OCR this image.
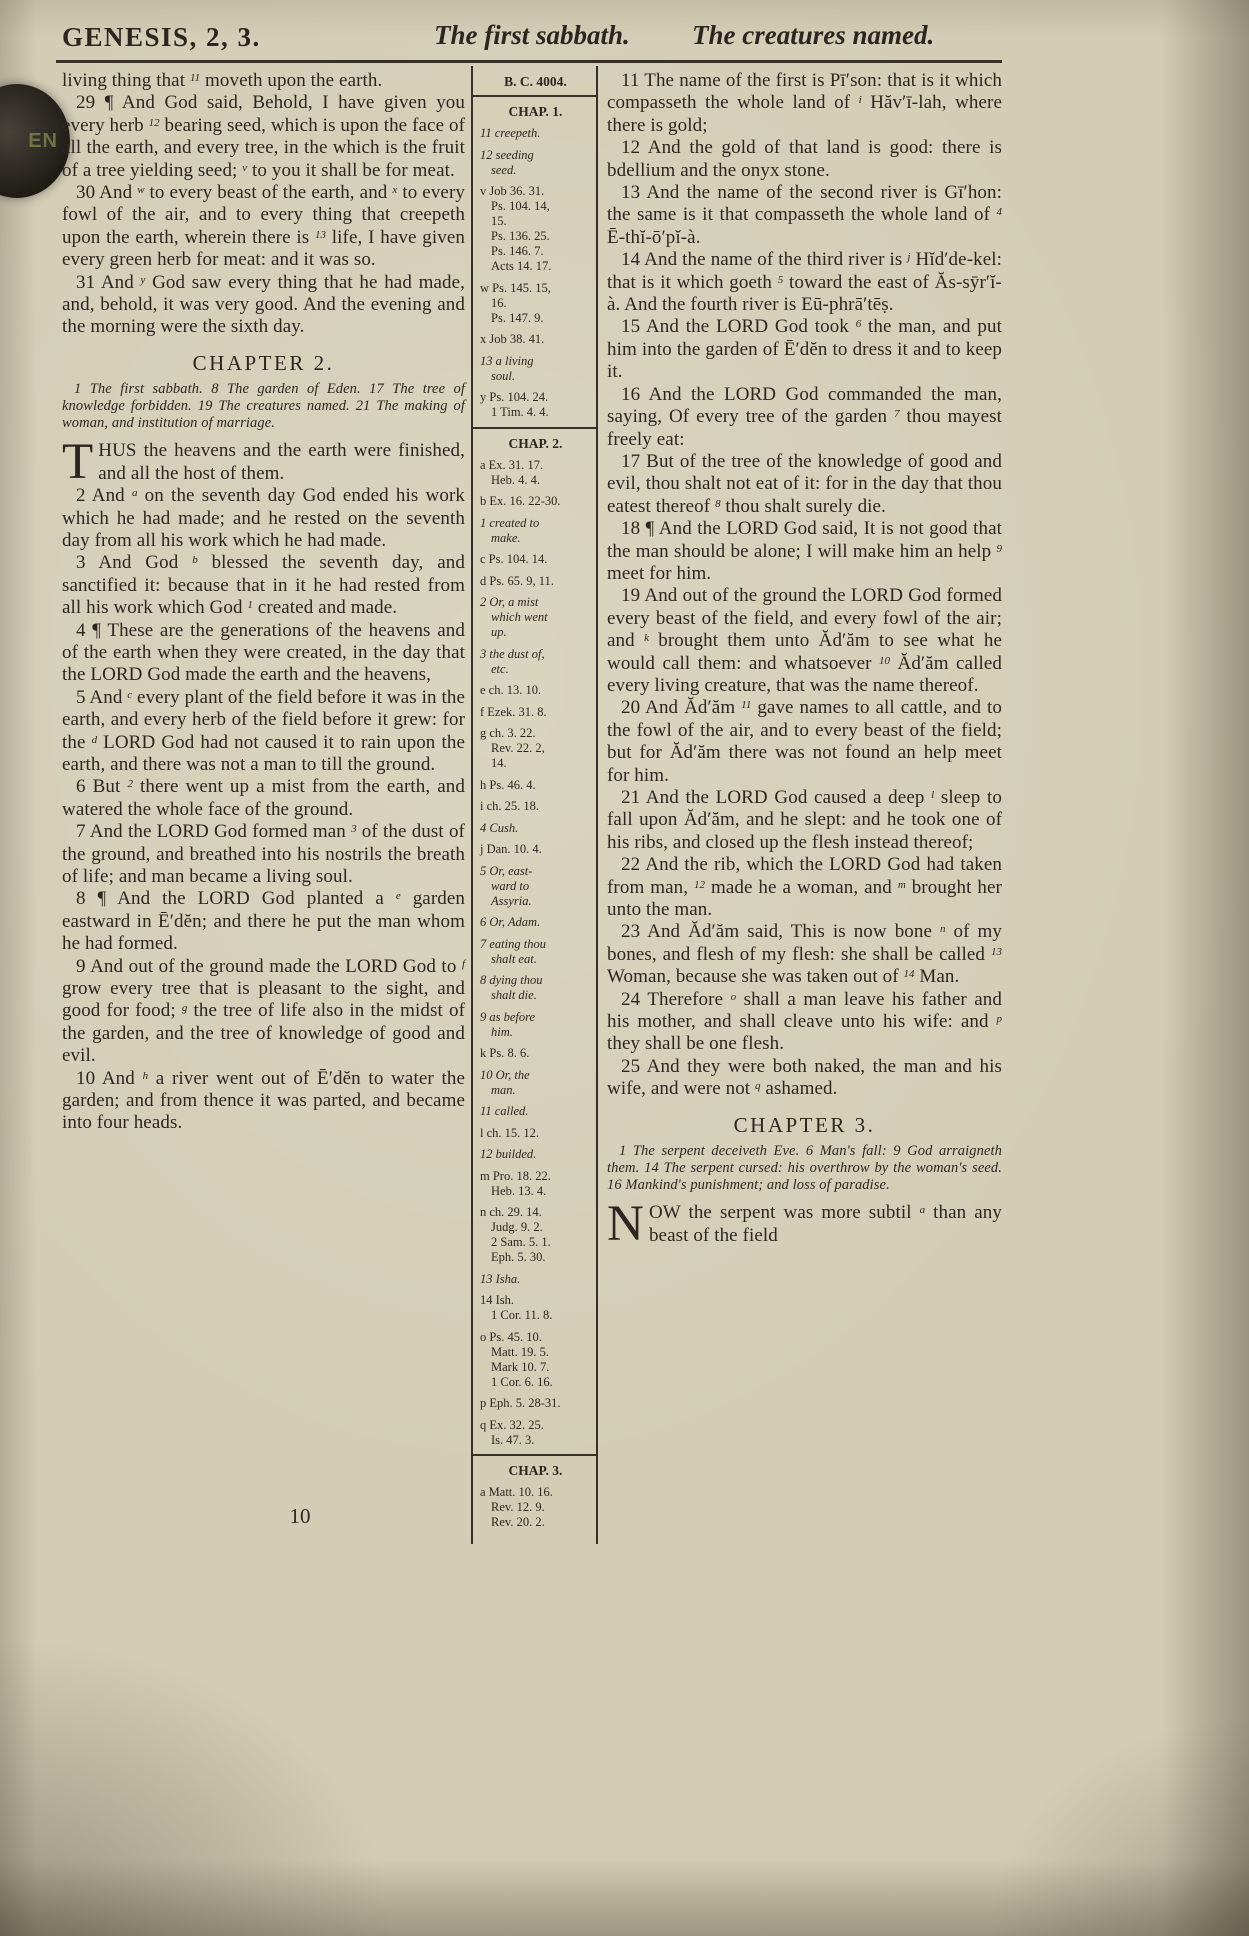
EN
GENESIS, 2, 3.	The first sabbath. The creatures named.

living thing that $^{11}$ moveth upon the earth.

29 ¶ And God said, Behold, I have given you every herb $^{12}$ bearing seed, which is upon the face of all the earth, and every tree, in the which is the fruit of a tree yielding seed; $^v$ to you it shall be for meat.

30 And $^w$ to every beast of the earth, and $^x$ to every fowl of the air, and to every thing that creepeth upon the earth, wherein there is $^{13}$ life, I have given every green herb for meat: and it was so.

31 And $^y$ God saw every thing that he had made, and, behold, it was very good. And the evening and the morning were the sixth day.

CHAPTER 2.

1 The first sabbath. 8 The garden of Eden. 17 The tree of knowledge forbidden. 19 The creatures named. 21 The making of woman, and institution of marriage.

THUS the heavens and the earth were finished, and all the host of them.

2 And $^a$ on the seventh day God ended his work which he had made; and he rested on the seventh day from all his work which he had made.

3 And God $^b$ blessed the seventh day, and sanctified it: because that in it he had rested from all his work which God $^1$ created and made.

4 ¶ These are the generations of the heavens and of the earth when they were created, in the day that the LORD God made the earth and the heavens,

5 And $^c$ every plant of the field before it was in the earth, and every herb of the field before it grew: for the $^d$ LORD God had not caused it to rain upon the earth, and there was not a man to till the ground.

6 But $^2$ there went up a mist from the earth, and watered the whole face of the ground.

7 And the LORD God formed man $^3$ of the dust of the ground, and breathed into his nostrils the breath of life; and man became a living soul.

8 ¶ And the LORD God planted a $^e$ garden eastward in Ē′dĕn; and there he put the man whom he had formed.

9 And out of the ground made the LORD God to $^f$ grow every tree that is pleasant to the sight, and good for food; $^g$ the tree of life also in the midst of the garden, and the tree of knowledge of good and evil.

10 And $^h$ a river went out of Ē′dĕn to water the garden; and from thence it was parted, and became into four heads.

B. C. 4004.
CHAP. 1.
11 creepeth.
12 seeding
seed.
v Job 36. 31.
Ps. 104. 14,
15.
Ps. 136. 25.
Ps. 146. 7.
Acts 14. 17.
w Ps. 145. 15,
16.
Ps. 147. 9.
x Job 38. 41.
13 a living
soul.
y Ps. 104. 24.
1 Tim. 4. 4.
CHAP. 2.
a Ex. 31. 17.
Heb. 4. 4.
b Ex. 16. 22-30.
1 created to
make.
c Ps. 104. 14.
d Ps. 65. 9, 11.
2 Or, a mist
which went
up.
3 the dust of,
etc.
e ch. 13. 10.
f Ezek. 31. 8.
g ch. 3. 22.
Rev. 22. 2,
14.
h Ps. 46. 4.
i ch. 25. 18.
4 Cush.
j Dan. 10. 4.
5 Or, east-
ward to
Assyria.
6 Or, Adam.
7 eating thou
shalt eat.
8 dying thou
shalt die.
9 as before
him.
k Ps. 8. 6.
10 Or, the
man.
11 called.
l ch. 15. 12.
12 builded.
m Pro. 18. 22.
Heb. 13. 4.
n ch. 29. 14.
Judg. 9. 2.
2 Sam. 5. 1.
Eph. 5. 30.
13 Isha.
14 Ish.
1 Cor. 11. 8.
o Ps. 45. 10.
Matt. 19. 5.
Mark 10. 7.
1 Cor. 6. 16.
p Eph. 5. 28-31.
q Ex. 32. 25.
Is. 47. 3.
CHAP. 3.
a Matt. 10. 16.
Rev. 12. 9.
Rev. 20. 2.

11 The name of the first is Pī′son: that is it which compasseth the whole land of $^i$ Hăv′ī-lah, where there is gold;

12 And the gold of that land is good: there is bdellium and the onyx stone.

13 And the name of the second river is Gī′hon: the same is it that compasseth the whole land of $^4$ Ē-thĭ-ō′pĭ-à.

14 And the name of the third river is $^j$ Hĭd′de-kel: that is it which goeth $^5$ toward the east of Ăs-sȳr′ĭ-à. And the fourth river is Eū-phrā′tēṣ.

15 And the LORD God took $^6$ the man, and put him into the garden of Ē′dĕn to dress it and to keep it.

16 And the LORD God commanded the man, saying, Of every tree of the garden $^7$ thou mayest freely eat:

17 But of the tree of the knowledge of good and evil, thou shalt not eat of it: for in the day that thou eatest thereof $^8$ thou shalt surely die.

18 ¶ And the LORD God said, It is not good that the man should be alone; I will make him an help $^9$ meet for him.

19 And out of the ground the LORD God formed every beast of the field, and every fowl of the air; and $^k$ brought them unto Ăd′ăm to see what he would call them: and whatsoever $^{10}$ Ăd′ăm called every living creature, that was the name thereof.

20 And Ăd′ăm $^{11}$ gave names to all cattle, and to the fowl of the air, and to every beast of the field; but for Ăd′ăm there was not found an help meet for him.

21 And the LORD God caused a deep $^l$ sleep to fall upon Ăd′ăm, and he slept: and he took one of his ribs, and closed up the flesh instead thereof;

22 And the rib, which the LORD God had taken from man, $^{12}$ made he a woman, and $^m$ brought her unto the man.

23 And Ăd′ăm said, This is now bone $^n$ of my bones, and flesh of my flesh: she shall be called $^{13}$ Woman, because she was taken out of $^{14}$ Man.

24 Therefore $^o$ shall a man leave his father and his mother, and shall cleave unto his wife: and $^p$ they shall be one flesh.

25 And they were both naked, the man and his wife, and were not $^q$ ashamed.

CHAPTER 3.

1 The serpent deceiveth Eve. 6 Man's fall: 9 God arraigneth them. 14 The serpent cursed: his overthrow by the woman's seed. 16 Mankind's punishment; and loss of paradise.

NOW the serpent was more subtil $^a$ than any beast of the field

10
